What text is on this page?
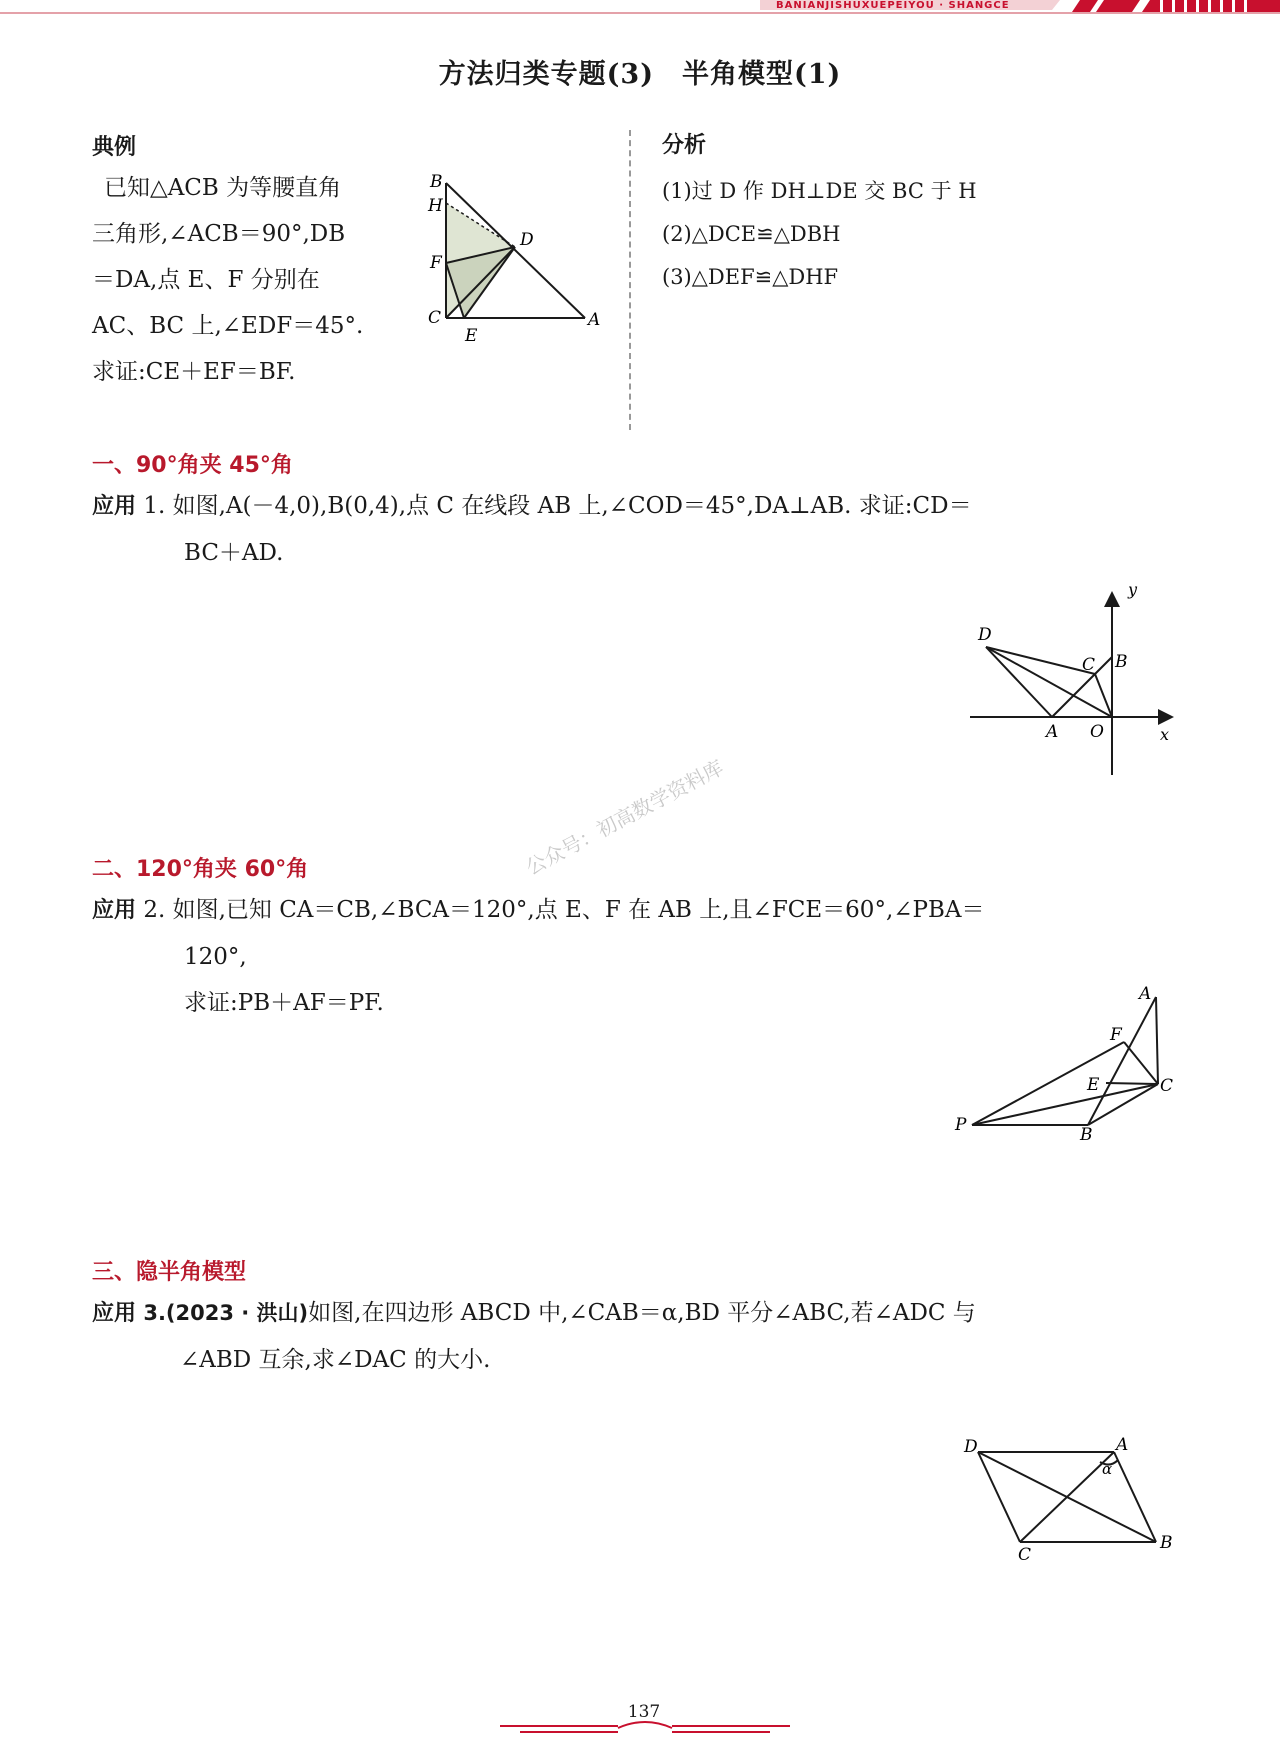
BANIANJISHUXUEPEIYOU · SHANGCE
方法归类专题(3)　半角模型(1)
典例
已知△ACB 为等腰直角
三角形,∠ACB＝90°,DB
＝DA,点 E、F 分别在
AC、BC 上,∠EDF＝45°.
求证:CE＋EF＝BF.
B
H
D
F
C
E
A
分析
(1)过 D 作 DH⊥DE 交 BC 于 H
(2)△DCE≌△DBH
(3)△DEF≌△DHF
一、90°角夹 45°角
应用 1. 如图,A(－4,0),B(0,4),点 C 在线段 AB 上,∠COD＝45°,DA⊥AB. 求证:CD＝
BC＋AD.
y
x
D
C B
A O
二、120°角夹 60°角
应用 2. 如图,已知 CA＝CB,∠BCA＝120°,点 E、F 在 AB 上,且∠FCE＝60°,∠PBA＝
120°,
求证:PB＋AF＝PF.
公众号：初高数学资料库
A
F
E	C
P	B
三、隐半角模型
应用 3.(2023 · 洪山)如图,在四边形 ABCD 中,∠CAB＝α,BD 平分∠ABC,若∠ADC 与
∠ABD 互余,求∠DAC 的大小.
D	A
α
C
B
137
